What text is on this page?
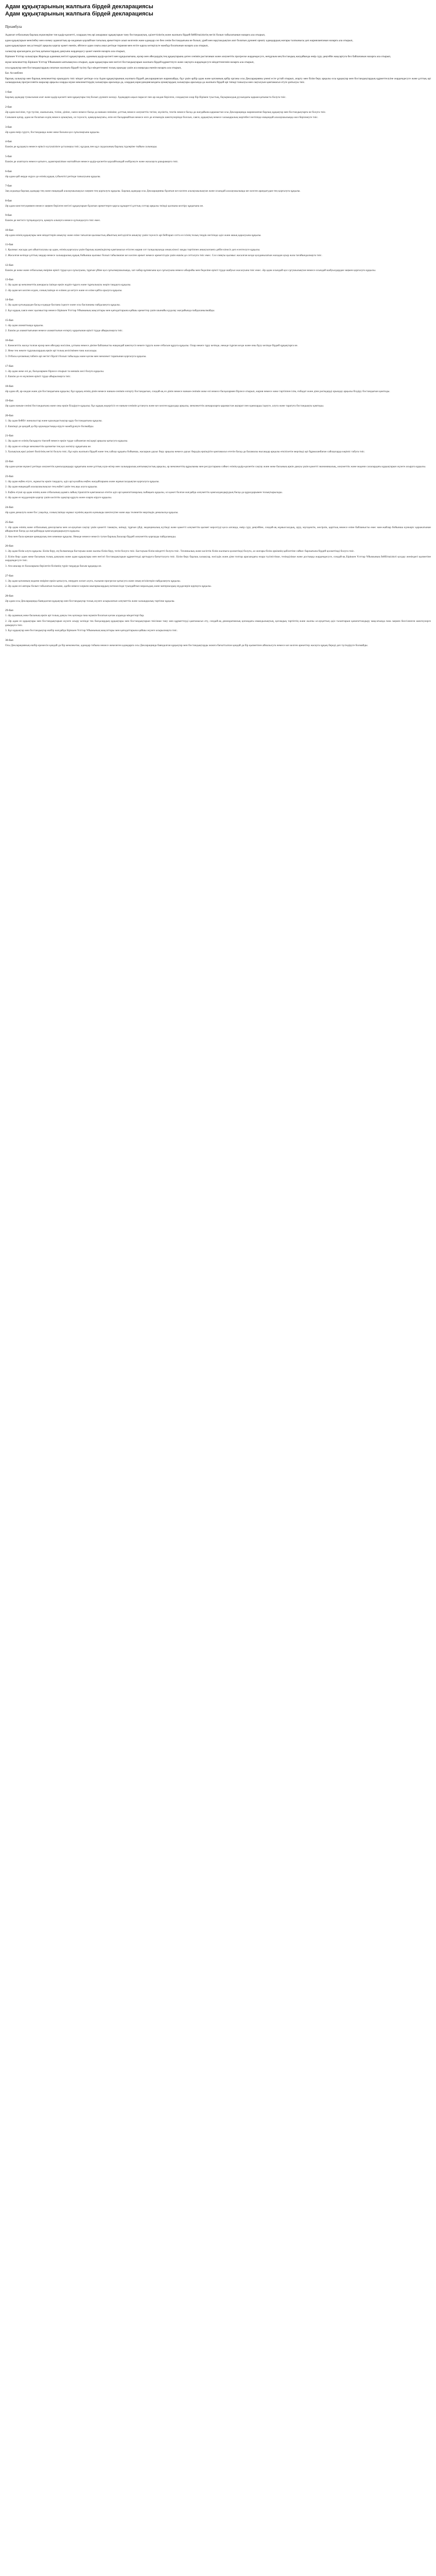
Адам құқықтарының жалпыға бірдей декларациясы
Адам құқықтарының жалпыға бірдей декларациясы
Преамбула

Адамзат отбасының барлық мүшелеріне тән қадір-қасиетті, олардың тең әрі ажырамас құқықтарын тану бостандықтың, әділеттіліктің және жалпыға бірдей бейбітшіліктің негізі болып табылатынын назарға ала отырып,

адам құқықтарын менсінбеу мен елемеу адамзаттың ар-ожданын қорлайтын тағылық әрекеттерге алып келгенін және адамдар сөз бен сенім бостандығына ие болып, үрей мен мұқтаждықтан азат болатын дүниені орнату адамдардың жоғары талпынысы деп жарияланғанын назарға ала отырып,

адам құқықтарын заң үстемдігі арқылы қорғау қажет екенін, әйтпесе адам соңғы амал ретінде тирания мен езгіге қарсы көтерілуге мәжбүр болатынын назарға ала отырып,

халықтар арасындағы достық қатынастардың дамуына жәрдемдесу қажет екенін назарға ала отырып,

Біріккен Ұлттар халықтары Жарғыда адамның негізгі құқықтарына, адамның қадір-қасиеті мен құндылығына, ерлер мен әйелдердің тең құқықтарына деген сенімін растағанын және әлеуметтік прогреске жәрдемдесуге, неғұрлым кең бостандық жағдайында өмір сүру деңгейін жақсартуға бел байлағанын назарға ала отырып,

мүше мемлекеттер Біріккен Ұлттар Ұйымымен ынтымақтаса отырып, адам құқықтары мен негізгі бостандықтарын жалпыға бірдей құрметтеуге және сақтауға жәрдемдесуге міндеттенгенін назарға ала отырып,

осы құқықтар мен бостандықтардың сипатын жалпыға бірдей түсіну бұл міндеттемені толық орындау үшін аса маңызды екенін назарға ала отырып,

Бас Ассамблея

барлық халықтар мен барлық мемлекеттер орындауға тиіс міндет ретінде осы Адам құқықтарының жалпыға бірдей декларациясын жариялайды, бұл үшін әрбір адам және қоғамның әрбір органы осы Декларацияны үнемі есте ұстай отырып, ағарту мен білім беру арқылы осы құқықтар мен бостандықтардың құрметтелуіне жәрдемдесуге және ұлттық әрі халықаралық прогрессивтік шаралар арқылы оларды мүше мемлекеттердің халықтары арасында да, олардың юрисдикциясындағы аумақтардың халықтары арасында да жалпыға бірдей әрі тиімді танылуы мен сақталуын қамтамасыз етуге ұмтылуы тиіс.

1-бап

Барлық адамдар тумысынан азат және қадір-қасиеті мен құқықтары тең болып дүниеге келеді. Адамдарға ақыл-парасат пен ар-ождан берілген, сондықтан олар бір-бірімен туыстық, бауырмалдық рухындағы қарым-қатынаста болуға тиіс.

2-бап

Әр адам нәсіліне, түр-түсіне, жынысына, тіліне, дініне, саяси немесе басқа да наным-сеніміне, ұлттық немесе әлеуметтік тегіне, мүліктік, тектік немесе басқа да жағдайына қарамастан осы Декларацияда жарияланған барлық құқықтар мен бостандықтарға ие болуға тиіс.

Сонымен қатар, адам ие болатын елдің немесе аумақтың, ол тәуелсіз, қамқорлықтағы, өзін-өзі басқармайтын немесе өзге де егемендік шектеулерінде болсын, саяси, құқықтық немесе халықаралық мәртебесі негізінде ешқандай алалаушылыққа жол берілмеуге тиіс.

3-бап

Әр адам өмір сүруге, бостандыққа және жеке басына қол сұғылмауына құқылы.

4-бап

Ешкім де құлдықта немесе еріксіз күтушілікте ұсталмауы тиіс; құлдық пен құл саудасының барлық түрлеріне тыйым салынады.

5-бап

Ешкім де азаптауға немесе қатыгез, адамгершілікке жатпайтын немесе қадір-қасиетін қорлайтындай жәбірлеуге және жазалауға ұшырамауға тиіс.

6-бап

Әр адам қай жерде жүрсе де өзінің құқық субъектісі ретінде танылуына құқылы.

7-бап

Заң алдында барлық адамдар тең және ешқандай алалаушылықсыз заңмен тең қорғалуға құқылы. Барлық адамдар осы Декларацияны бұзатын кез келген алалаушылықтан және осындай алалаушылыққа кез келген арандатудан тең қорғалуға құқылы.

8-бап

Әр адам конституциямен немесе заңмен берілген негізгі құқықтарын бұзатын әрекеттерге қарсы құзыретті ұлттық соттар арқылы тиімді қалпына келтіру құқығына ие.

9-бап

Ешкім де негізсіз тұтқындалуға, қамауға алынуға немесе қуғындалуға тиіс емес.

10-бап

Әр адам өзінің құқықтары мен міндеттерін анықтау және өзіне тағылған қылмыстық айыптың негізділігін анықтау үшін тәуелсіз әрі бейтарап сотта өз ісінің толық теңдік негізінде әділ және ашық қаралуына құқылы.

11-бап

1. Қылмыс жасады деп айыпталушы әр адам, өзінің қорғалуы үшін барлық мүмкіндіктер қамтамасыз етілген жария сот талқылауында оның кінәсі заңды тәртіппен анықталғанға дейін кінәсіз деп есептелуге құқылы.

2. Жасалған кезінде ұлттық заңдар немесе халықаралық құқық бойынша қылмыс болып табылмаған кез келген әрекет немесе әрекетсіздік үшін ешкім де сотталуға тиіс емес. Сол сияқты қылмыс жасалған кезде қолданылатын жазадан ауыр жаза тағайындалмауға тиіс.

12-бап

Ешкім де жеке және отбасылық өміріне ерікті түрде қол сұғылуына, тұрғын үйіне қол сұғылмаушылыққа, хат-хабар құпиясына қол сұғылуына немесе абыройы мен беделіне ерікті түрде шабуыл жасалуына тиіс емес. Әр адам осындай қол сұғушылықтан немесе осындай шабуылдардан заңмен қорғалуға құқылы.

13-бап

1. Әр адам әр мемлекеттің шекарасы ішінде еркін жүріп-тұруға және тұрғылықты жерін таңдауға құқылы.

2. Әр адам кез келген елден, соның ішінде өз елінен де кетуге және өз еліне қайта оралуға құқылы.

14-бап

1. Әр адам қуғындаудан басқа елдерде баспана іздеуге және осы баспананы пайдалануға құқылы.

2. Бұл құқық саяси емес қылмыстар немесе Біріккен Ұлттар Ұйымының мақсаттары мен қағидаттарына қайшы әрекеттер үшін шынайы қудалау жағдайында пайдаланылмайды.

15-бап

1. Әр адам азаматтыққа құқылы.

2. Ешкім де азаматтығынан немесе азаматтығын өзгерту құқығынан ерікті түрде айырылмауға тиіс.

16-бап

1. Кәмелеттік жасқа толған ерлер мен әйелдер нәсіліне, ұлтына немесе дініне байланысты ешқандай шектеусіз некеге тұруға және отбасын құруға құқылы. Олар некеге тұру кезінде, некеде тұрған кезде және оны бұзу кезінде бірдей құқықтарға ие.

2. Неке тек некеге тұрушылардың еркін әрі толық келісімімен ғана жасалады.

3. Отбасы қоғамның табиғи әрі негізгі бірлігі болып табылады және қоғам мен мемлекет тарапынан қорғалуға құқылы.

17-бап

1. Әр адам жеке өзі де, басқалармен бірлесе отырып та меншік иесі болуға құқылы.

2. Ешкім де өз мүлкінен ерікті түрде айырылмауға тиіс.

18-бап

Әр адам ой, ар-ождан және дін бостандығына құқылы; бұл құқық өзінің дінін немесе наным-сенімін өзгерту бостандығын, сондай-ақ өз дінін немесе наным-сенімін жеке өзі немесе басқалармен бірлесе отырып, жария немесе жеке тәртіппен ілім, ғибадат және діни рәсімдерді орындау арқылы білдіру бостандығын қамтиды.

19-бап

Әр адам наным-сенімі бостандығына және оны еркін білдіруге құқылы; бұл құқық кедергісіз өз наным-сенімін ұстануға және кез келген құралдар арқылы, мемлекеттік шекараларға қарамастан ақпарат пен идеяларды іздеуге, алуға және таратуға бостандықты қамтиды.

20-бап

1. Әр адам бейбіт жиналыстар және қауымдастықтар құру бостандығына құқылы.

2. Ешкімді де қандай да бір қауымдастыққа кіруге мәжбүрлеуге болмайды.

21-бап

1. Әр адам өз елінің басқаруға тікелей немесе еркін түрде сайланған өкілдері арқылы қатысуға құқылы.

2. Әр адам өз елінде мемлекеттік қызметке тең қол жеткізу құқығына ие.

3. Халықтың еркі үкімет билігінің негізі болуға тиіс; бұл ерік жалпыға бірдей және тең сайлау құқығы бойынша, жасырын дауыс беру арқылы немесе дауыс берудің еркіндігін қамтамасыз ететін басқа да баламалы нысандар арқылы өткізілетін мерзімді әрі бұрмаланбаған сайлауларда көрініс табуға тиіс.

22-бап

Әр адам қоғам мүшесі ретінде әлеуметтік қамсыздандыру құқығына және ұлттық күш-жігер мен халықаралық ынтымақтастық арқылы, әр мемлекеттің құрылымы мен ресурстарына сәйкес өзінің қадір-қасиетін сақтау және жеке басының еркін дамуы үшін қажетті экономикалық, әлеуметтік және мәдени салалардағы құқықтарын жүзеге асыруға құқылы.

23-бап

1. Әр адам еңбек етуге, жұмысты еркін таңдауға, әділ әрі қолайлы еңбек жағдайларына және жұмыссыздықтан қорғалуға құқылы.

2. Әр адам ешқандай алалаушылықсыз тең еңбегі үшін тең ақы алуға құқылы.

3. Еңбек етуші әр адам өзінің және отбасының адамға лайық тіршілігін қамтамасыз ететін әділ әрі қанағаттанарлық сыйақыға құқылы, ол қажет болған жағдайда әлеуметтік қамсыздандырудың басқа да құралдарымен толықтырылады.

4. Әр адам өз мүдделерін қорғау үшін кәсіптік одақтар құруға және оларға кіруге құқылы.

24-бап

Әр адам демалуға және бос уақытқа, соның ішінде жұмыс күнінің ақылға қонымды шектелуіне және ақы төленетін мерзімдік демалысқа құқылы.

25-бап

1. Әр адам өзінің және отбасының денсаулығы мен әл-ауқатын сақтау үшін қажетті тамақты, киімді, тұрғын үйді, медициналық күтімді және қажетті әлеуметтік қызмет көрсетуді қоса алғанда, өмір сүру деңгейіне, сондай-ақ жұмыссыздық, ауру, мүгедектік, жесірлік, қарттық немесе өзіне байланысты емес мән-жайлар бойынша күнкөріс қаражатынан айырылған басқа да жағдайларда қамсыздандырылуға құқылы.

2. Ана мен бала ерекше қамқорлық пен көмекке құқылы. Некеде немесе некесіз туған барлық балалар бірдей әлеуметтік қорғауды пайдаланады.

26-бап

1. Әр адам білім алуға құқылы. Білім беру, ең болмағанда бастауыш және жалпы білім беру, тегін болуға тиіс. Бастауыш білім міндетті болуға тиіс. Техникалық және кәсіптік білім жалпыға қолжетімді болуға, ал жоғары білім әркімнің қабілетіне сәйкес барлығына бірдей қолжетімді болуға тиіс.

2. Білім беру адам жеке басының толық дамуына және адам құқықтары мен негізгі бостандықтарын құрметтеуді арттыруға бағытталуға тиіс. Білім беру барлық халықтар, нәсілдік және діни топтар арасындағы өзара түсіністікке, төзімділікке және достыққа жәрдемдесуге, сондай-ақ Біріккен Ұлттар Ұйымының бейбітшілікті қолдау жөніндегі қызметіне жәрдемдесуге тиіс.

3. Ата-аналар өз балаларына берілетін білімнің түрін таңдауда басым құқыққа ие.

27-бап

1. Әр адам қоғамның мәдени өміріне еркін қатысуға, өнерден ләззат алуға, ғылыми прогреске қатысуға және оның игіліктерін пайдалануға құқылы.

2. Әр адам өзі авторы болып табылатын ғылыми, әдеби немесе көркем шығармалардың нәтижесінде туындайтын моральдық және материалдық мүдделерін қорғауға құқылы.

28-бап

Әр адам осы Декларацияда баяндалған құқықтар мен бостандықтар толық жүзеге асырылатын әлеуметтік және халықаралық тәртіпке құқылы.

29-бап

1. Әр адамның жеке басының еркін әрі толық дамуы тек қоғамда ғана мүмкін болатын қоғам алдында міндеттері бар.

2. Әр адам өз құқықтары мен бостандықтарын жүзеге асыру кезінде тек басқалардың құқықтары мен бостандықтарын тиісінше тану мен құрметтеуді қамтамасыз ету, сондай-ақ демократиялық қоғамдағы имандылықтың, қоғамдық тәртіптің және жалпы әл-ауқаттың әділ талаптарын қанағаттандыру мақсатында ғана заңмен белгіленген шектеулерге ұшырауға тиіс.

3. Бұл құқықтар мен бостандықтар ешбір жағдайда Біріккен Ұлттар Ұйымының мақсаттары мен қағидаттарына қайшы жүзеге асырылмауға тиіс.

30-бап

Осы Декларацияның ешбір ережесін қандай да бір мемлекетке, адамдар тобына немесе жекелеген адамдарға осы Декларацияда баяндалған құқықтар мен бостандықтарды жоюға бағытталған қандай да бір қызметпен айналысуға немесе кез келген әрекеттер жасауға құқық береді деп түсіндіруге болмайды.
